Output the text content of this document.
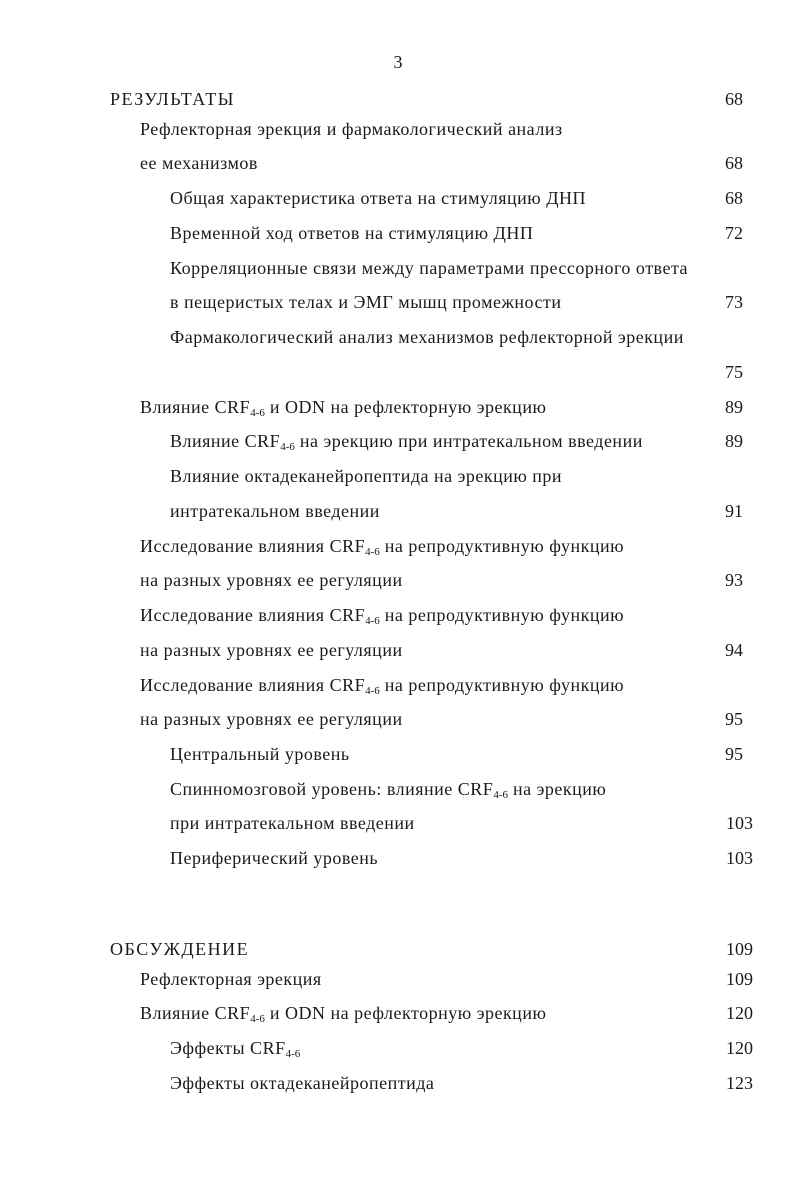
3
РЕЗУЛЬТАТЫ	68
Рефлекторная эрекция и фармакологический анализ
ее механизмов	68
Общая характеристика ответа на стимуляцию ДНП	68
Временной ход ответов на стимуляцию ДНП	72
Корреляционные связи между параметрами прессорного ответа
в пещеристых телах и ЭМГ мышц промежности	73
Фармакологический анализ механизмов рефлекторной эрекции
75
Влияние $CRF_{4-6}$ и ODN на рефлекторную эрекцию	89
Влияние $CRF_{4-6}$ на эрекцию при интратекальном введении	89
Влияние октадеканейропептида на эрекцию при
интратекальном введении	91
Исследование влияния $CRF_{4-6}$ на репродуктивную функцию
на разных уровнях ее регуляции	93
Исследование влияния $CRF_{4-6}$ на репродуктивную функцию
на разных уровнях ее регуляции	94
Исследование влияния $CRF_{4-6}$ на репродуктивную функцию
на разных уровнях ее регуляции	95
Центральный уровень	95
Спинномозговой уровень: влияние $CRF_{4-6}$ на эрекцию
при интратекальном введении	103
Периферический уровень	103
ОБСУЖДЕНИЕ	109
Рефлекторная эрекция	109
Влияние $CRF_{4-6}$ и ODN на рефлекторную эрекцию	120
Эффекты $CRF_{4-6}$	120
Эффекты октадеканейропептида	123
